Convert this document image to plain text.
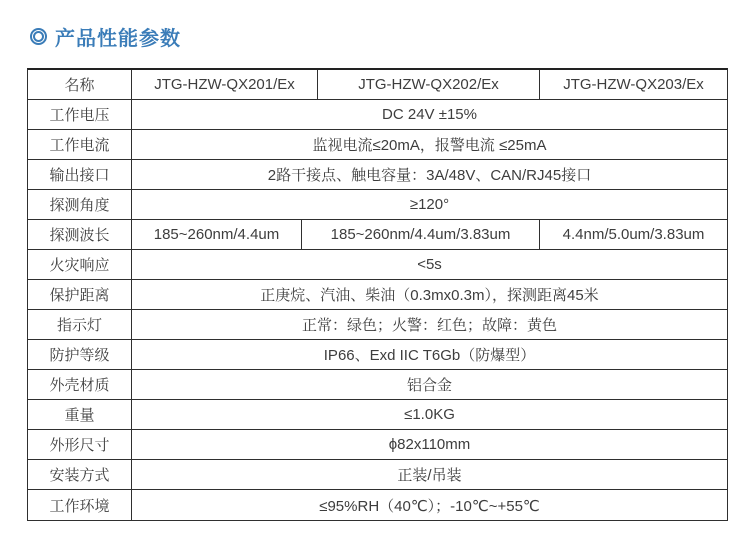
产品性能参数
名称	JTG-HZW-QX201/Ex	JTG-HZW-QX202/Ex	JTG-HZW-QX203/Ex
工作电压	DC 24V ±15%
工作电流	监视电流≤20mA，报警电流 ≤25mA
输出接口	2路干接点、触电容量：3A/48V、CAN/RJ45接口
探测角度	≥120°
探测波长	185~260nm/4.4um	185~260nm/4.4um/3.83um	4.4nm/5.0um/3.83um
火灾响应	<5s
保护距离	正庚烷、汽油、柴油（0.3mx0.3m），探测距离45米
指示灯	正常：绿色；火警：红色；故障：黄色
防护等级	IP66、Exd IIC T6Gb（防爆型）
外壳材质	铝合金
重量	≤1.0KG
外形尺寸	ϕ82x110mm
安装方式	正装/吊装
工作环境	≤95%RH（40℃）；-10℃~+55℃
